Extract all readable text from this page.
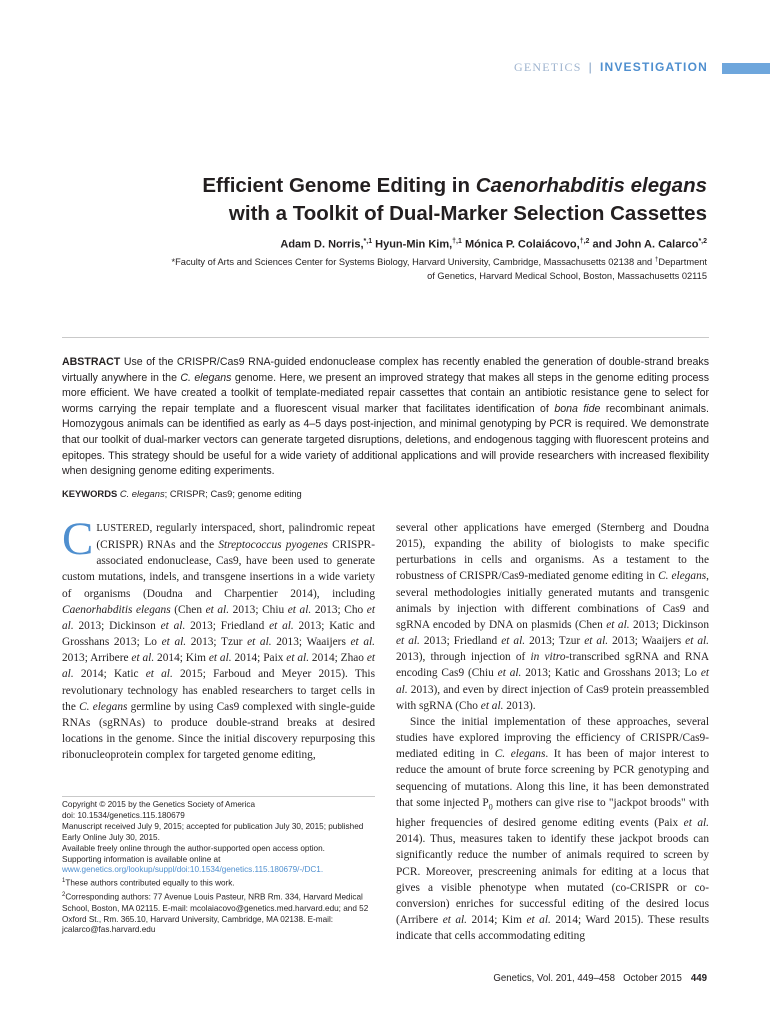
GENETICS | INVESTIGATION
Efficient Genome Editing in Caenorhabditis elegans
with a Toolkit of Dual-Marker Selection Cassettes
Adam D. Norris,$^{*,1}$ Hyun-Min Kim,$^{\dagger,1}$ Mónica P. Colaiácovo,$^{\dagger,2}$ and John A. Calarco$^{*,2}$
*Faculty of Arts and Sciences Center for Systems Biology, Harvard University, Cambridge, Massachusetts 02138 and †Department
of Genetics, Harvard Medical School, Boston, Massachusetts 02115
ABSTRACT Use of the CRISPR/Cas9 RNA-guided endonuclease complex has recently enabled the generation of double-strand breaks virtually anywhere in the C. elegans genome. Here, we present an improved strategy that makes all steps in the genome editing process more efficient. We have created a toolkit of template-mediated repair cassettes that contain an antibiotic resistance gene to select for worms carrying the repair template and a fluorescent visual marker that facilitates identification of bona fide recombinant animals. Homozygous animals can be identified as early as 4–5 days post-injection, and minimal genotyping by PCR is required. We demonstrate that our toolkit of dual-marker vectors can generate targeted disruptions, deletions, and endogenous tagging with fluorescent proteins and epitopes. This strategy should be useful for a wide variety of additional applications and will provide researchers with increased flexibility when designing genome editing experiments.
KEYWORDS C. elegans; CRISPR; Cas9; genome editing

CLUSTERED, regularly interspaced, short, palindromic repeat (CRISPR) RNAs and the Streptococcus pyogenes CRISPR-associated endonuclease, Cas9, have been used to generate custom mutations, indels, and transgene insertions in a wide variety of organisms (Doudna and Charpentier 2014), including Caenorhabditis elegans (Chen et al. 2013; Chiu et al. 2013; Cho et al. 2013; Dickinson et al. 2013; Friedland et al. 2013; Katic and Grosshans 2013; Lo et al. 2013; Tzur et al. 2013; Waaijers et al. 2013; Arribere et al. 2014; Kim et al. 2014; Paix et al. 2014; Zhao et al. 2014; Katic et al. 2015; Farboud and Meyer 2015). This revolutionary technology has enabled researchers to target cells in the C. elegans germline by using Cas9 complexed with single-guide RNAs (sgRNAs) to produce double-strand breaks at desired locations in the genome. Since the initial discovery repurposing this ribonucleoprotein complex for targeted genome editing,

Copyright © 2015 by the Genetics Society of America
doi: 10.1534/genetics.115.180679
Manuscript received July 9, 2015; accepted for publication July 30, 2015; published Early Online July 30, 2015.
Available freely online through the author-supported open access option.
Supporting information is available online at www.genetics.org/lookup/suppl/doi:10.1534/genetics.115.180679/-/DC1.
$^1$These authors contributed equally to this work.
$^2$Corresponding authors: 77 Avenue Louis Pasteur, NRB Rm. 334, Harvard Medical School, Boston, MA 02115. E-mail: mcolaiacovo@genetics.med.harvard.edu; and 52 Oxford St., Rm. 365.10, Harvard University, Cambridge, MA 02138. E-mail: jcalarco@fas.harvard.edu

several other applications have emerged (Sternberg and Doudna 2015), expanding the ability of biologists to make specific perturbations in cells and organisms. As a testament to the robustness of CRISPR/Cas9-mediated genome editing in C. elegans, several methodologies initially generated mutants and transgenic animals by injection with different combinations of Cas9 and sgRNA encoded by DNA on plasmids (Chen et al. 2013; Dickinson et al. 2013; Friedland et al. 2013; Tzur et al. 2013; Waaijers et al. 2013), through injection of in vitro-transcribed sgRNA and RNA encoding Cas9 (Chiu et al. 2013; Katic and Grosshans 2013; Lo et al. 2013), and even by direct injection of Cas9 protein preassembled with sgRNA (Cho et al. 2013).

Since the initial implementation of these approaches, several studies have explored improving the efficiency of CRISPR/Cas9-mediated editing in C. elegans. It has been of major interest to reduce the amount of brute force screening by PCR genotyping and sequencing of mutations. Along this line, it has been demonstrated that some injected $P_0$ mothers can give rise to "jackpot broods" with higher frequencies of desired genome editing events (Paix et al. 2014). Thus, measures taken to identify these jackpot broods can significantly reduce the number of animals required to screen by PCR. Moreover, prescreening animals for editing at a locus that gives a visible phenotype when mutated (co-CRISPR or co-conversion) enriches for successful editing of the desired locus (Arribere et al. 2014; Kim et al. 2014; Ward 2015). These results indicate that cells accommodating editing

Genetics, Vol. 201, 449–458   October 2015 449
